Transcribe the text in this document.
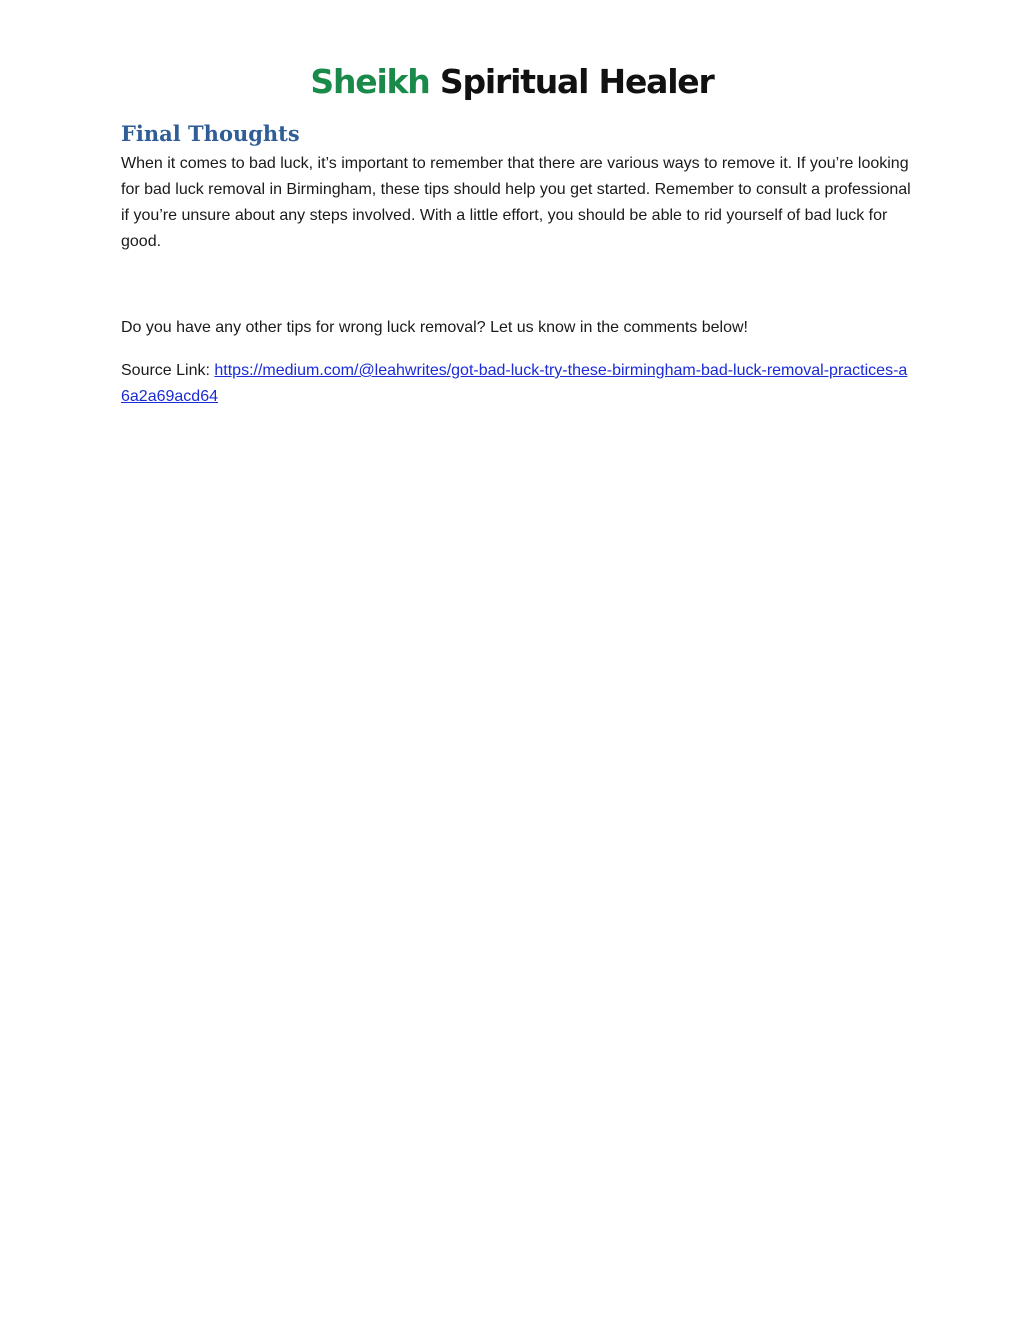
Sheikh Spiritual Healer
Final Thoughts

When it comes to bad luck, it’s important to remember that there are various ways to remove it. If you’re looking for bad luck removal in Birmingham, these tips should help you get started. Remember to consult a professional if you’re unsure about any steps involved. With a little effort, you should be able to rid yourself of bad luck for good.

Do you have any other tips for wrong luck removal? Let us know in the comments below!

Source Link: https://medium.com/@leahwrites/got-bad-luck-try-these-birmingham-bad-luck-removal-practices-a6a2a69acd64
